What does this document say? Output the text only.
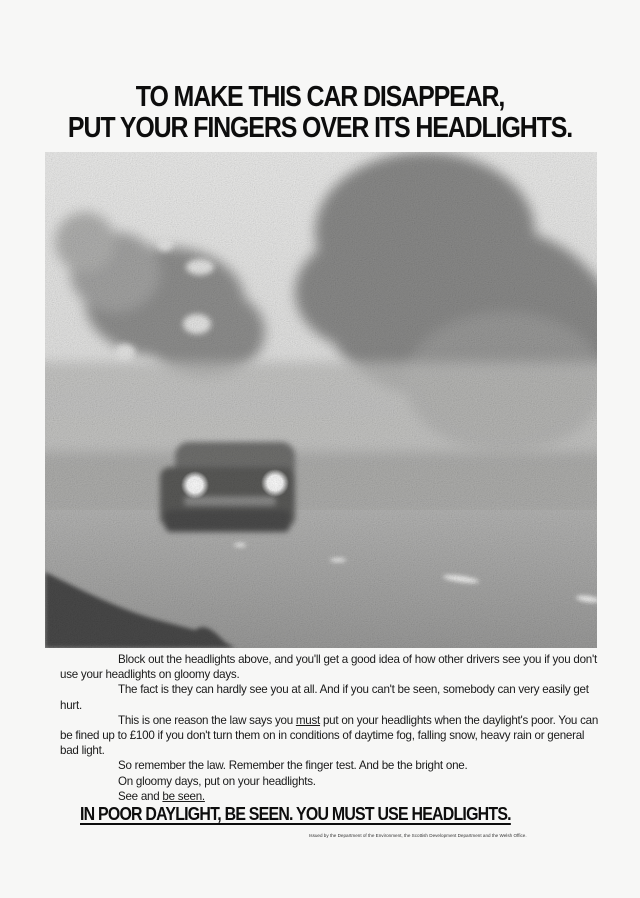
TO MAKE THIS CAR DISAPPEAR,
PUT YOUR FINGERS OVER ITS HEADLIGHTS.

Block out the headlights above, and you'll get a good idea of how other drivers see you if you don't use your headlights on gloomy days.

The fact is they can hardly see you at all. And if you can't be seen, somebody can very easily get hurt.

This is one reason the law says you must put on your headlights when the daylight's poor. You can be fined up to £100 if you don't turn them on in conditions of daytime fog, falling snow, heavy rain or general bad light.

So remember the law. Remember the finger test. And be the bright one.

On gloomy days, put on your headlights.

See and be seen.

IN POOR DAYLIGHT, BE SEEN. YOU MUST USE HEADLIGHTS.
Issued by the Department of the Environment, the Scottish Development Department and the Welsh Office.
